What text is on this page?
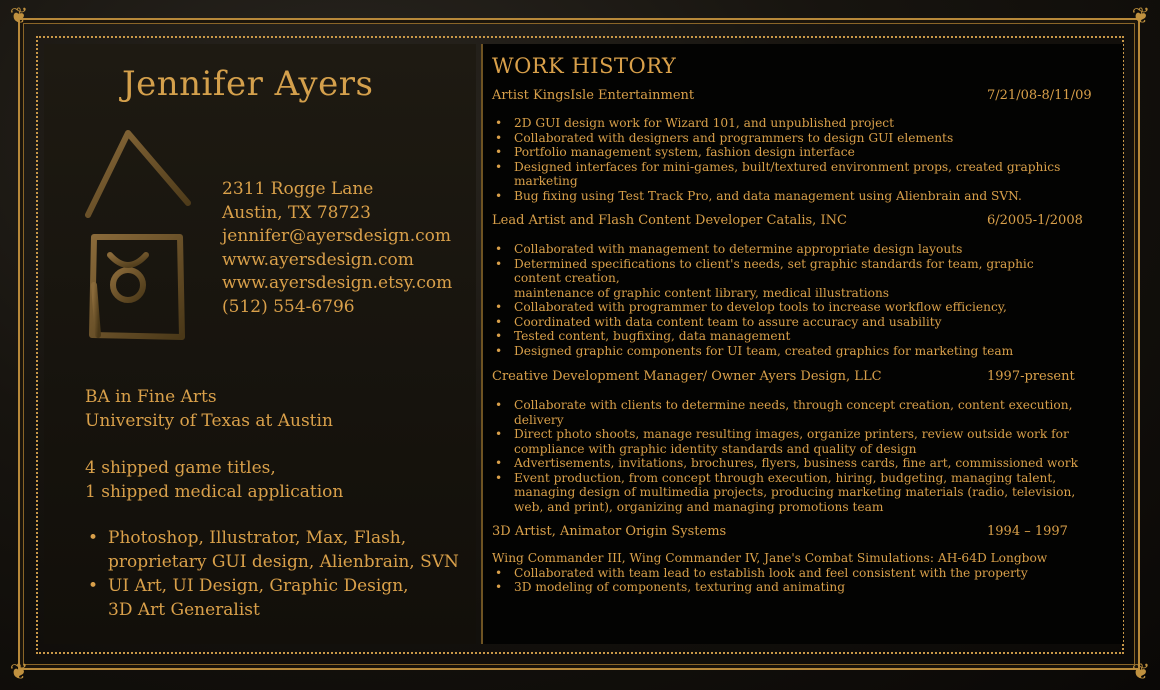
❦	❦
❦	❦
Jennifer Ayers
2311 Rogge Lane
Austin, TX 78723
jennifer@ayersdesign.com
www.ayersdesign.com
www.ayersdesign.etsy.com
(512) 554-6796
BA in Fine Arts
University of Texas at Austin
4 shipped game titles,
1 shipped medical application
• Photoshop, Illustrator, Max, Flash,
proprietary GUI design, Alienbrain, SVN
• UI Art, UI Design, Graphic Design,
3D Art Generalist
WORK HISTORY
Artist KingsIsle Entertainment	7/21/08-8/11/09
• 2D GUI design work for Wizard 101, and unpublished project
• Collaborated with designers and programmers to design GUI elements
• Portfolio management system, fashion design interface
• Designed interfaces for mini-games, built/textured environment props, created graphics
marketing
• Bug fixing using Test Track Pro, and data management using Alienbrain and SVN.
Lead Artist and Flash Content Developer Catalis, INC	6/2005-1/2008
• Collaborated with management to determine appropriate design layouts
• Determined specifications to client's needs, set graphic standards for team, graphic
content creation,
maintenance of graphic content library, medical illustrations
• Collaborated with programmer to develop tools to increase workflow efficiency,
• Coordinated with data content team to assure accuracy and usability
• Tested content, bugfixing, data management
• Designed graphic components for UI team, created graphics for marketing team
Creative Development Manager/ Owner Ayers Design, LLC	1997-present
• Collaborate with clients to determine needs, through concept creation, content execution,
delivery
• Direct photo shoots, manage resulting images, organize printers, review outside work for
compliance with graphic identity standards and quality of design
• Advertisements, invitations, brochures, flyers, business cards, fine art, commissioned work
• Event production, from concept through execution, hiring, budgeting, managing talent,
managing design of multimedia projects, producing marketing materials (radio, television,
web, and print), organizing and managing promotions team
3D Artist, Animator Origin Systems	1994 – 1997
Wing Commander III, Wing Commander IV, Jane's Combat Simulations: AH-64D Longbow
• Collaborated with team lead to establish look and feel consistent with the property
• 3D modeling of components, texturing and animating
